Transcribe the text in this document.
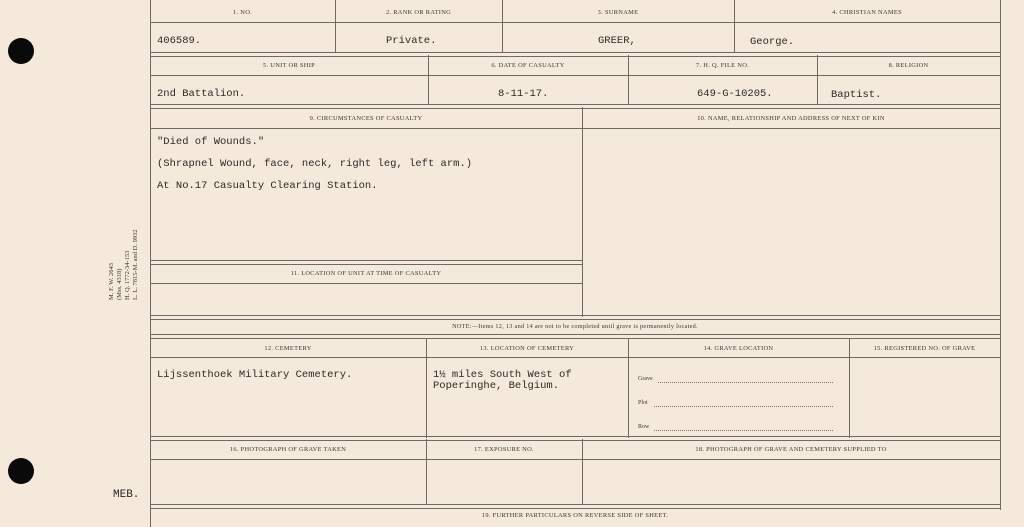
M. F. W. 2643 (Mss. 4318) H. Q. 1772-34-153 L. L. 7815-M. and D. 9932
MEB.
1. NO.	2. RANK OR RATING	3. SURNAME	4. CHRISTIAN NAMES
406589.	Private.	GREER,	George.
5. UNIT OR SHIP	6. DATE OF CASUALTY	7. H. Q. FILE NO.	8. RELIGION
2nd Battalion.	8-11-17.	649-G-10205.	Baptist.
9. CIRCUMSTANCES OF CASUALTY	10. NAME, RELATIONSHIP AND ADDRESS OF NEXT OF KIN
"Died of Wounds."
(Shrapnel Wound, face, neck, right leg, left arm.)
At No.17 Casualty Clearing Station.
11. LOCATION OF UNIT AT TIME OF CASUALTY
NOTE:—Items 12, 13 and 14 are not to be completed until grave is permanently located.
12. CEMETERY	13. LOCATION OF CEMETERY	14. GRAVE LOCATION	15. REGISTERED NO. OF GRAVE
Lijssenthoek Military Cemetery.	1½ miles South West of
Poperinghe, Belgium.
Grave
Plot
Row
16. PHOTOGRAPH OF GRAVE TAKEN	17. EXPOSURE NO.	18. PHOTOGRAPH OF GRAVE AND CEMETERY SUPPLIED TO
19. FURTHER PARTICULARS ON REVERSE SIDE OF SHEET.
